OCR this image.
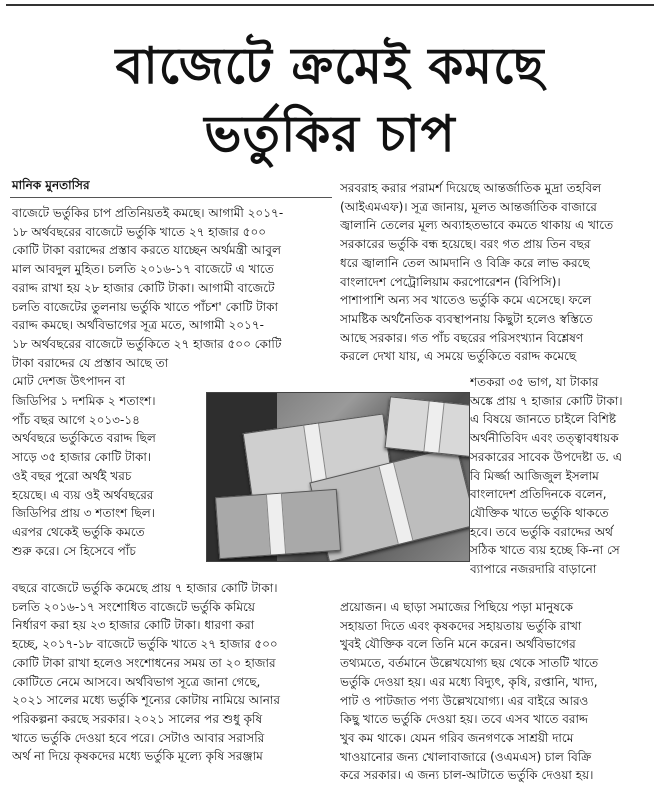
বাজেটে ক্রমেই কমছে
ভর্তুকির চাপ
মানিক মুনতাসির

বাজেটে ভর্তুকির চাপ প্রতিনিয়তই কমছে। আগামী ২০১৭-

১৮ অর্থবছরের বাজেটে ভর্তুকি খাতে ২৭ হাজার ৫০০

কোটি টাকা বরাদ্দের প্রস্তাব করতে যাচ্ছেন অর্থমন্ত্রী আবুল

মাল আবদুল মুহিত। চলতি ২০১৬-১৭ বাজেটে এ খাতে

বরাদ্দ রাখা হয় ২৮ হাজার কোটি টাকা। আগামী বাজেটে

চলতি বাজেটের তুলনায় ভর্তুকি খাতে পাঁচশ' কোটি টাকা

বরাদ্দ কমছে। অর্থবিভাগের সূত্র মতে, আগামী ২০১৭-

১৮ অর্থবছরের বাজেটে ভর্তুকিতে ২৭ হাজার ৫০০ কোটি

টাকা বরাদ্দের যে প্রস্তাব আছে তা

মোট দেশজ উৎপাদন বা

জিডিপির ১ দশমিক ২ শতাংশ।

পাঁচ বছর আগে ২০১৩-১৪

অর্থবছরে ভর্তুকিতে বরাদ্দ ছিল

সাড়ে ৩৫ হাজার কোটি টাকা।

ওই বছর পুরো অর্থই খরচ

হয়েছে। এ ব্যয় ওই অর্থবছরের

জিডিপির প্রায় ৩ শতাংশ ছিল।

এরপর থেকেই ভর্তুকি কমতে

শুরু করে। সে হিসেবে পাঁচ

সরবরাহ করার পরামর্শ দিয়েছে আন্তর্জাতিক মুদ্রা তহবিল

(আইএমএফ)। সূত্র জানায়, মূলত আন্তর্জাতিক বাজারে

জ্বালানি তেলের মূল্য অব্যাহতভাবে কমতে থাকায় এ খাতে

সরকারের ভর্তুকি বন্ধ হয়েছে। বরং গত প্রায় তিন বছর

ধরে জ্বালানি তেল আমদানি ও বিক্রি করে লাভ করছে

বাংলাদেশ পেট্রোলিয়াম করপোরেশন (বিপিসি)।

পাশাপাশি অন্য সব খাতেও ভর্তুকি কমে এসেছে। ফলে

সামষ্টিক অর্থনৈতিক ব্যবস্থাপনায় কিছুটা হলেও স্বস্তিতে

আছে সরকার। গত পাঁচ বছরের পরিসংখ্যান বিশ্লেষণ

করলে দেখা যায়, এ সময়ে ভর্তুকিতে বরাদ্দ কমেছে

শতকরা ৩৫ ভাগ, যা টাকার

অঙ্কে প্রায় ৭ হাজার কোটি টাকা।

এ বিষয়ে জানতে চাইলে বিশিষ্ট

অর্থনীতিবিদ এবং তত্ত্বাবধায়ক

সরকারের সাবেক উপদেষ্টা ড. এ

বি মির্জ্জা আজিজুল ইসলাম

বাংলাদেশ প্রতিদিনকে বলেন,

যৌক্তিক খাতে ভর্তুকি থাকতে

হবে। তবে ভর্তুকি বরাদ্দের অর্থ

সঠিক খাতে ব্যয় হচ্ছে কি-না সে

ব্যাপারে নজরদারি বাড়ানো

বছরে বাজেটে ভর্তুকি কমেছে প্রায় ৭ হাজার কোটি টাকা।

চলতি ২০১৬-১৭ সংশোধিত বাজেটে ভর্তুকি কমিয়ে

নির্ধারণ করা হয় ২৩ হাজার কোটি টাকা। ধারণা করা

হচ্ছে, ২০১৭-১৮ বাজেটে ভর্তুকি খাতে ২৭ হাজার ৫০০

কোটি টাকা রাখা হলেও সংশোধনের সময় তা ২০ হাজার

কোটিতে নেমে আসবে। অর্থবিভাগ সূত্রে জানা গেছে,

২০২১ সালের মধ্যে ভর্তুকি শূন্যের কোটায় নামিয়ে আনার

পরিকল্পনা করছে সরকার। ২০২১ সালের পর শুধু কৃষি

খাতে ভর্তুকি দেওয়া হবে পরে। সেটাও আবার সরাসরি

অর্থ না দিয়ে কৃষকদের মধ্যে ভর্তুকি মূল্যে কৃষি সরঞ্জাম

প্রয়োজন। এ ছাড়া সমাজের পিছিয়ে পড়া মানুষকে

সহায়তা দিতে এবং কৃষকদের সহায়তায় ভর্তুকি রাখা

খুবই যৌক্তিক বলে তিনি মনে করেন। অর্থবিভাগের

তথ্যমতে, বর্তমানে উল্লেখযোগ্য ছয় থেকে সাতটি খাতে

ভর্তুকি দেওয়া হয়। এর মধ্যে বিদ্যুৎ, কৃষি, রপ্তানি, খাদ্য,

পাট ও পাটজাত পণ্য উল্লেখযোগ্য। এর বাইরে আরও

কিছু খাতে ভর্তুকি দেওয়া হয়। তবে এসব খাতে বরাদ্দ

খুব কম থাকে। যেমন গরিব জনগণকে সাশ্রয়ী দামে

খাওয়ানোর জন্য খোলাবাজারে (ওএমএস) চাল বিক্রি

করে সরকার। এ জন্য চাল-আটাতে ভর্তুকি দেওয়া হয়।
